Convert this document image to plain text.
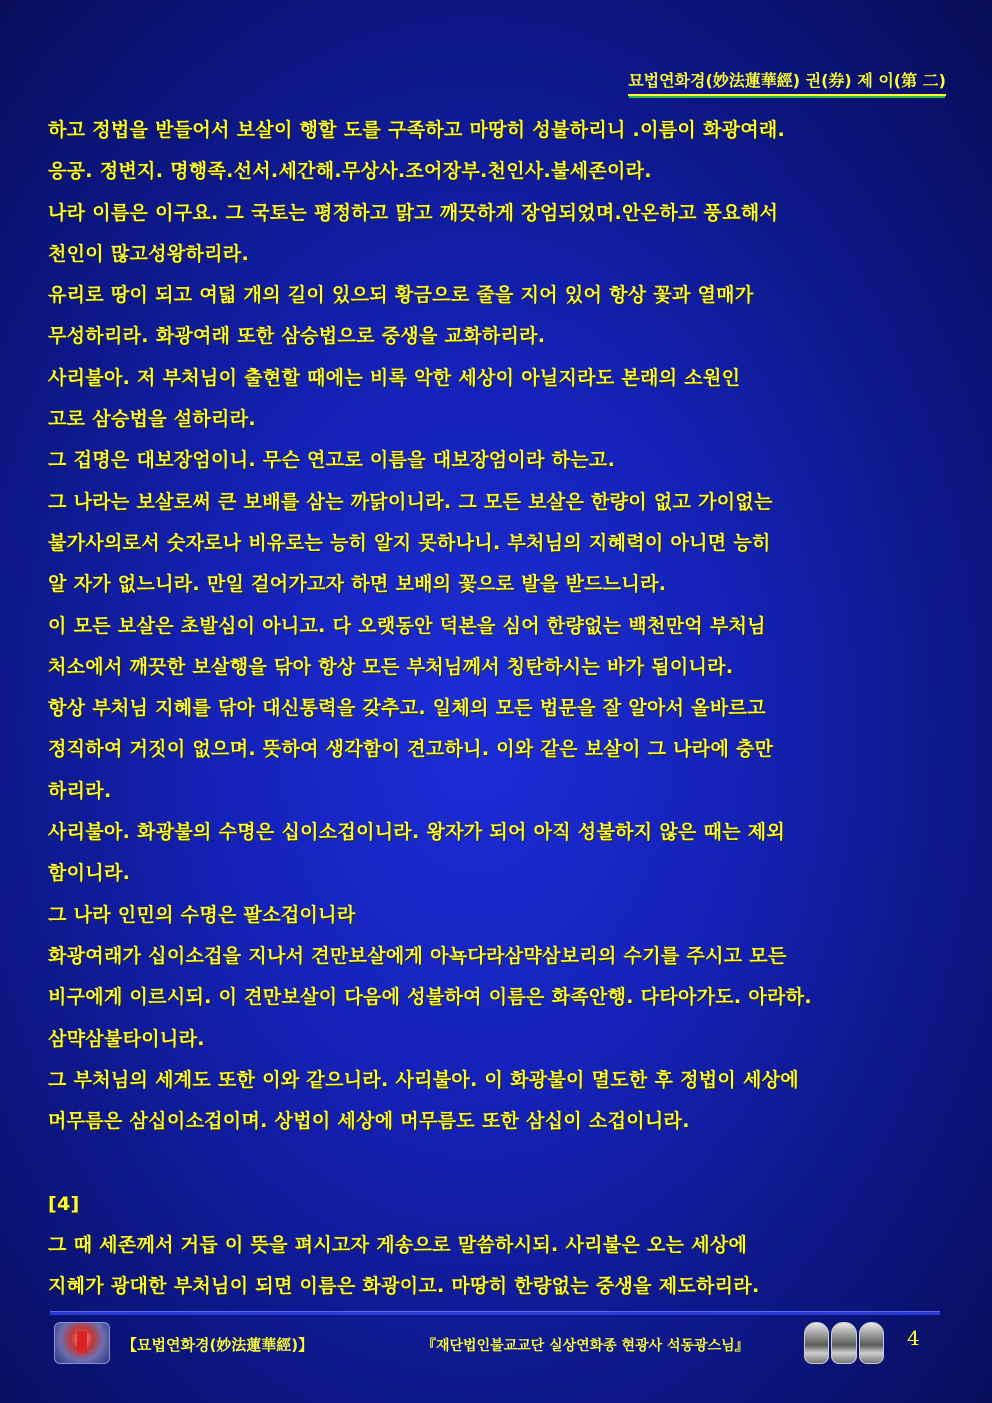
묘법연화경(妙法蓮華經) 권(券) 제 이(第 二)
하고 정법을 받들어서 보살이 행할 도를 구족하고 마땅히 성불하리니 .이름이 화광여래.
응공. 정변지. 명행족.선서.세간해.무상사.조어장부.천인사.불세존이라.
나라 이름은 이구요. 그 국토는 평정하고 맑고 깨끗하게 장엄되었며.안온하고 풍요해서
천인이 많고성왕하리라.
유리로 땅이 되고 여덟 개의 길이 있으되 황금으로 줄을 지어 있어 항상 꽃과 열매가
무성하리라. 화광여래 또한 삼승법으로 중생을 교화하리라.
사리불아. 저 부처님이 출현할 때에는 비록 악한 세상이 아닐지라도 본래의 소원인
고로 삼승법을 설하리라.
그 겁명은 대보장엄이니. 무슨 연고로 이름을 대보장엄이라 하는고.
그 나라는 보살로써 큰 보배를 삼는 까닭이니라. 그 모든 보살은 한량이 없고 가이없는
불가사의로서 숫자로나 비유로는 능히 알지 못하나니. 부처님의 지혜력이 아니면 능히
알 자가 없느니라. 만일 걸어가고자 하면 보배의 꽃으로 발을 받드느니라.
이 모든 보살은 초발심이 아니고. 다 오랫동안 덕본을 심어 한량없는 백천만억 부처님
처소에서 깨끗한 보살행을 닦아 항상 모든 부처님께서 칭탄하시는 바가 됨이니라.
항상 부처님 지혜를 닦아 대신통력을 갖추고. 일체의 모든 법문을 잘 알아서 올바르고
정직하여 거짓이 없으며. 뜻하여 생각함이 견고하니. 이와 같은 보살이 그 나라에 충만
하리라.
사리불아. 화광불의 수명은 십이소겁이니라. 왕자가 되어 아직 성불하지 않은 때는 제외
함이니라.
그 나라 인민의 수명은 팔소겁이니라
화광여래가 십이소겁을 지나서 견만보살에게 아뇩다라삼먁삼보리의 수기를 주시고 모든
비구에게 이르시되. 이 견만보살이 다음에 성불하여 이름은 화족안행. 다타아가도. 아라하.
삼먁삼불타이니라.
그 부처님의 세계도 또한 이와 같으니라. 사리불아. 이 화광불이 멸도한 후 정법이 세상에
머무름은 삼십이소겁이며. 상법이 세상에 머무름도 또한 삼십이 소겁이니라.
[4]
그 때 세존께서 거듭 이 뜻을 펴시고자 게송으로 말씀하시되. 사리불은 오는 세상에
지혜가 광대한 부처님이 되면 이름은 화광이고. 마땅히 한량없는 중생을 제도하리라.
【묘법연화경(妙法蓮華經)】	『재단법인불교교단 실상연화종 현광사 석동광스님』	4
